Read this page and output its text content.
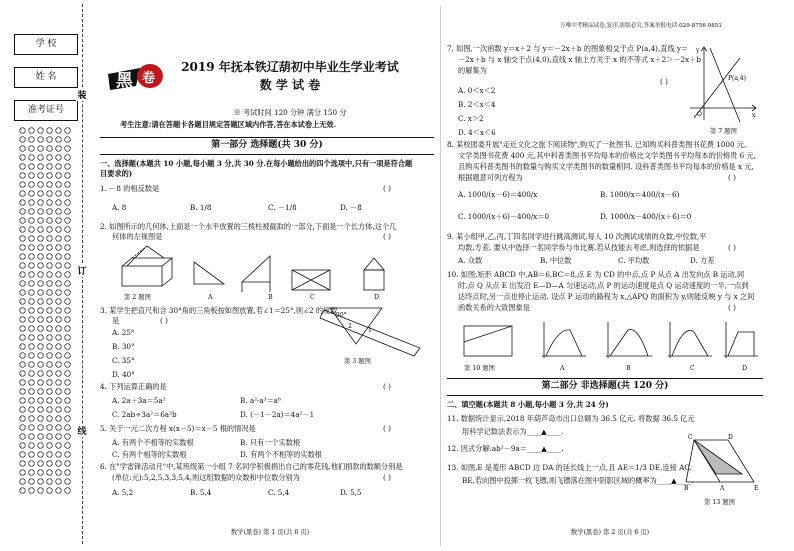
学 校
姓 名
准考证号
装
订
线
万唯中考精品试卷,复印,盗版必究,答案举报电话:029-8756 9851
黑 卷
2019 年抚本铁辽葫初中毕业生学业考试
数 学 试 卷
※ 考试时间 120 分钟 满分 150 分
考生注意:请在答题卡各题目规定答题区域内作答,答在本试卷上无效.
第一部分 选择题(共 30 分)
一、选择题(本题共 10 小题,每小题 3 分,共 30 分.在每小题给出的四个选项中,只有一项是符合题
目要求的)
1. －8 的相反数是	( )
A. 8	B. 1/8	C. －1/8	D. －8
2. 如图所示的几何体,上面是一个水平放置的三棱柱被截取的一部分,下面是一个长方体,这个几
何体的左视图是	( )
第 2 题图	A	B	C	D
3. 某学生把直尺和含 30°角的三角板按如图放置,若∠1＝25°,则∠2 的度数
是	( )
A. 25°
B. 30°
C. 35°
D. 40°
30°
1
2
第 3 题图
4. 下列运算正确的是	( )
A. 2a＋3a＝5a²	B. a²·a³＝a⁶
C. 2ab÷3a²＝6a²b	D. (－1－2a)＝4a²－1
5. 关于一元二次方程 x(x－5)＝x－5 根的情况是	( )
A. 有两个不相等的实数根	B. 只有一个实数根
C. 有两个相等的实数根	D. 有两个不相等的实数根
6. 在"学雷锋活动月"中,某班级第一小组 7 名同学积极捐出自己的零花钱,他们捐款的数额分别是
(单位:元):5,2,5,3,3,5,4,则这组数据的众数和中位数分别为	( )
A. 5,2	B. 5,4	C. 5,4	D. 5,5
数学(黑卷) 第 1 页(共 6 页)
7. 如图,一次函数 y＝x＋2 与 y＝－2x＋b 的图象相交于点 P(a,4),直线 y＝
－2x＋b 与 x 轴交于点(4,0),直线 x 轴上方关于 x 的不等式 x＋2＞－2x＋b
的解集为
( )
A. 0＜x＜2
B. 2＜x＜4
C. x＞2
D. 4＜x＜6
y
P(a,4)
O	x
第 7 题图
8. 某校团委开展"走近文化之旅下阅读物",购买了一批图书. 已知购买科普类图书花费 1000 元,
文学类图书花费 400 元,其中科普类图书平均每本的价格比文学类图书平均每本的价格贵 6 元,
且购买科普类图书的数量与购买文学类图书的数量相同. 设科普类图书平均每本的价格是 x 元,
根据题意可列方程为	( )
A. 1000/(x－6)＝400/x	B. 1000/x＝400/(x－6)
C. 1000/(x＋6)－400/x＝0	D. 1000/x－400/(x＋6)＝0
9. 某小组甲,乙,丙,丁四名同学进行跳高测试,每人 10 次测试成绩的众数,中位数,平
均数,方差. 要从中选择一名同学参与市比赛,若从技能去考虑,则选择的依据是	( )
A. 众数	B. 中位数	C. 平均数	D. 方差
10. 如图,矩形 ABCD 中,AB＝6,BC＝8,点 E 为 CD 的中点,点 P 从点 A 出发向点 B 运动,同
时,点 Q 从点 E 出发沿 E—D—A 匀速运动,点 P 的运动速度是点 Q 运动速度的一半,一点到
达终点时,另一点也停止运动. 设点 P 运动的路程为 x,△APQ 的面积为 y,则能反映 y 与 x 之间
函数关系的大致图象是	( )
第 10 题图	A	B	C	D
第二部分 非选择题(共 120 分)
二、填空题(本题共 8 小题,每小题 3 分,共 24 分)
11. 数据统计显示,2018 年葫芦岛市出口总额为 36.5 亿元. 将数据 36.5 亿元
用科学记数法表示为____▲____.
12. 因式分解:ab²－9a＝____▲____.
13. 如图,E 是菱形 ABCD 边 DA 的延长线上一点,且 AE＝1/3 DE,连接 AC,
BE,若向图中投掷一枚飞镖,则飞镖落在图中阴影区域的概率为____▲____.
C	D
B	E
A
第 13 题图
数学(黑卷) 第 2 页(共 6 页)
